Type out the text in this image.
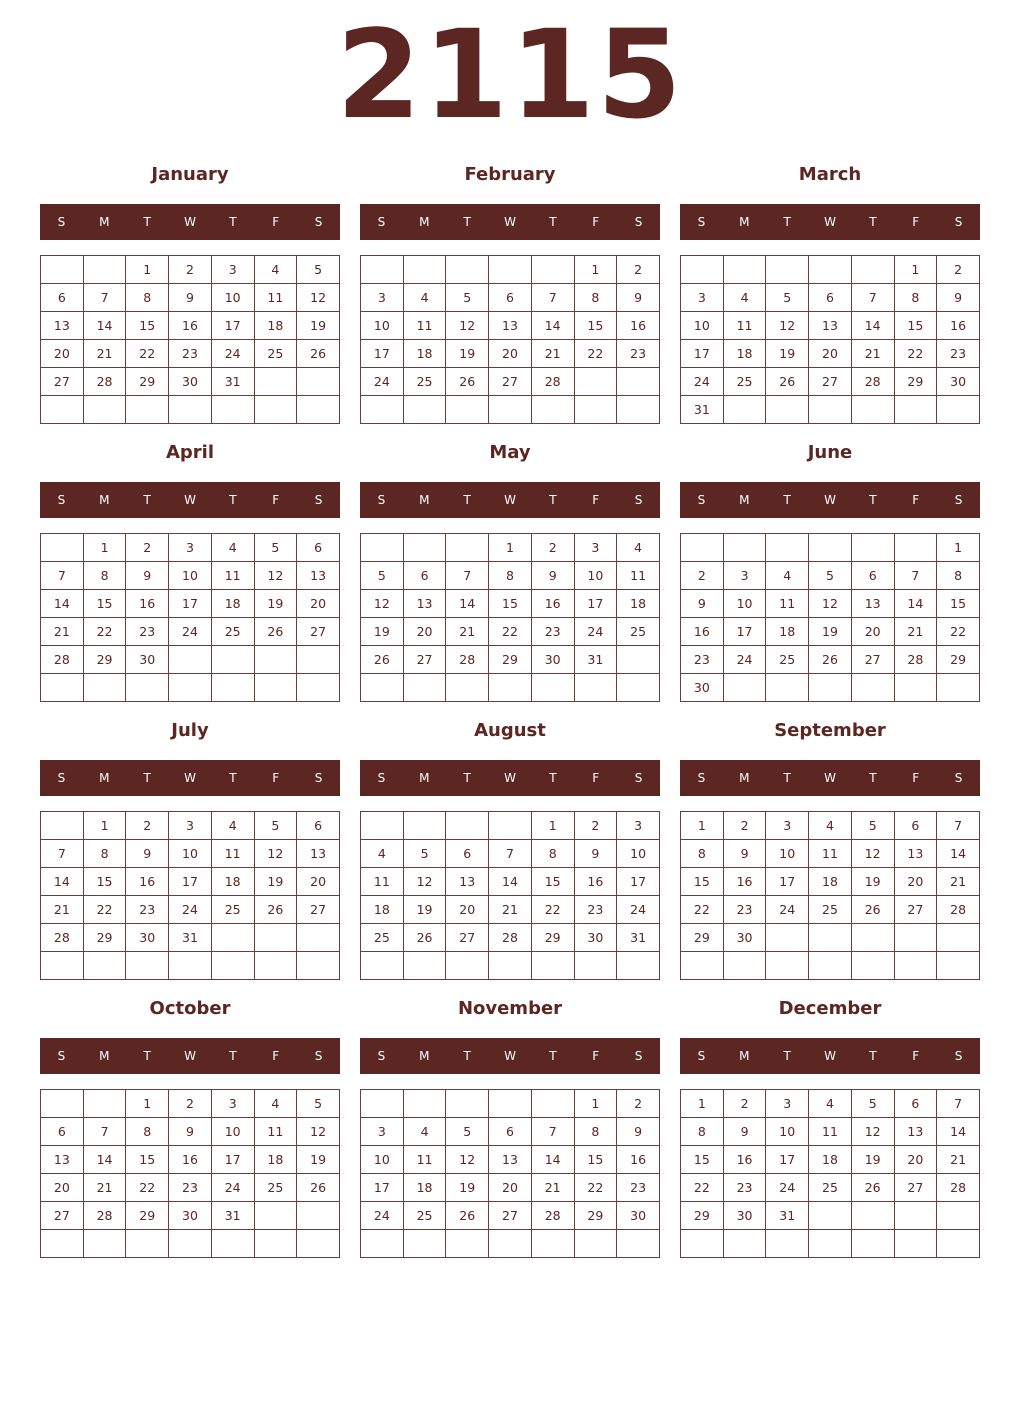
2115
January
S	M	T	W	T	F	S
		1	2	3	4	5
6	7	8	9	10	11	12
13	14	15	16	17	18	19
20	21	22	23	24	25	26
27	28	29	30	31		

February
S	M	T	W	T	F	S
					1	2
3	4	5	6	7	8	9
10	11	12	13	14	15	16
17	18	19	20	21	22	23
24	25	26	27	28		

March
S	M	T	W	T	F	S
					1	2
3	4	5	6	7	8	9
10	11	12	13	14	15	16
17	18	19	20	21	22	23
24	25	26	27	28	29	30
31						
April
S	M	T	W	T	F	S
	1	2	3	4	5	6
7	8	9	10	11	12	13
14	15	16	17	18	19	20
21	22	23	24	25	26	27
28	29	30				

May
S	M	T	W	T	F	S
			1	2	3	4
5	6	7	8	9	10	11
12	13	14	15	16	17	18
19	20	21	22	23	24	25
26	27	28	29	30	31	

June
S	M	T	W	T	F	S
						1
2	3	4	5	6	7	8
9	10	11	12	13	14	15
16	17	18	19	20	21	22
23	24	25	26	27	28	29
30						
July
S	M	T	W	T	F	S
	1	2	3	4	5	6
7	8	9	10	11	12	13
14	15	16	17	18	19	20
21	22	23	24	25	26	27
28	29	30	31			

August
S	M	T	W	T	F	S
				1	2	3
4	5	6	7	8	9	10
11	12	13	14	15	16	17
18	19	20	21	22	23	24
25	26	27	28	29	30	31

September
S	M	T	W	T	F	S
1	2	3	4	5	6	7
8	9	10	11	12	13	14
15	16	17	18	19	20	21
22	23	24	25	26	27	28
29	30					

October
S	M	T	W	T	F	S
		1	2	3	4	5
6	7	8	9	10	11	12
13	14	15	16	17	18	19
20	21	22	23	24	25	26
27	28	29	30	31		

November
S	M	T	W	T	F	S
					1	2
3	4	5	6	7	8	9
10	11	12	13	14	15	16
17	18	19	20	21	22	23
24	25	26	27	28	29	30

December
S	M	T	W	T	F	S
1	2	3	4	5	6	7
8	9	10	11	12	13	14
15	16	17	18	19	20	21
22	23	24	25	26	27	28
29	30	31				
